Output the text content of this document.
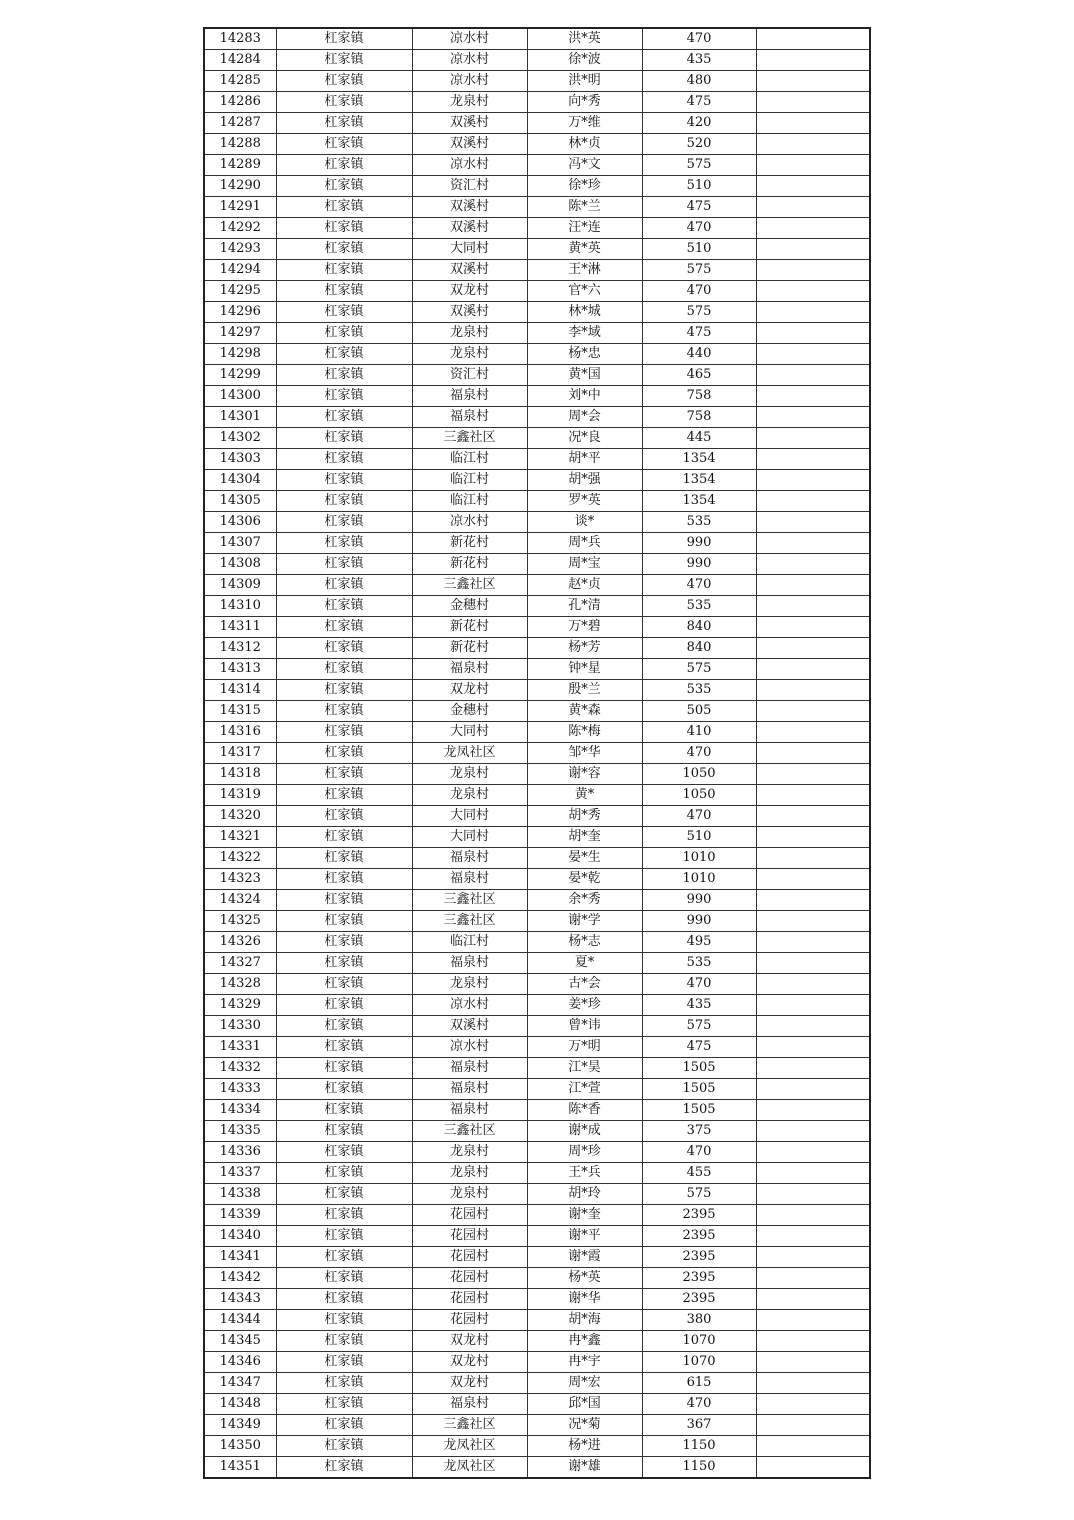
14283	杠家镇	凉水村	洪*英	470	
14284	杠家镇	凉水村	徐*波	435	
14285	杠家镇	凉水村	洪*明	480	
14286	杠家镇	龙泉村	向*秀	475	
14287	杠家镇	双溪村	万*维	420	
14288	杠家镇	双溪村	林*贞	520	
14289	杠家镇	凉水村	冯*文	575	
14290	杠家镇	资汇村	徐*珍	510	
14291	杠家镇	双溪村	陈*兰	475	
14292	杠家镇	双溪村	汪*连	470	
14293	杠家镇	大同村	黄*英	510	
14294	杠家镇	双溪村	王*淋	575	
14295	杠家镇	双龙村	官*六	470	
14296	杠家镇	双溪村	林*城	575	
14297	杠家镇	龙泉村	李*域	475	
14298	杠家镇	龙泉村	杨*忠	440	
14299	杠家镇	资汇村	黄*国	465	
14300	杠家镇	福泉村	刘*中	758	
14301	杠家镇	福泉村	周*会	758	
14302	杠家镇	三鑫社区	况*良	445	
14303	杠家镇	临江村	胡*平	1354	
14304	杠家镇	临江村	胡*强	1354	
14305	杠家镇	临江村	罗*英	1354	
14306	杠家镇	凉水村	谈*	535	
14307	杠家镇	新花村	周*兵	990	
14308	杠家镇	新花村	周*宝	990	
14309	杠家镇	三鑫社区	赵*贞	470	
14310	杠家镇	金穗村	孔*清	535	
14311	杠家镇	新花村	万*碧	840	
14312	杠家镇	新花村	杨*芳	840	
14313	杠家镇	福泉村	钟*星	575	
14314	杠家镇	双龙村	殷*兰	535	
14315	杠家镇	金穗村	黄*森	505	
14316	杠家镇	大同村	陈*梅	410	
14317	杠家镇	龙凤社区	邹*华	470	
14318	杠家镇	龙泉村	谢*容	1050	
14319	杠家镇	龙泉村	黄*	1050	
14320	杠家镇	大同村	胡*秀	470	
14321	杠家镇	大同村	胡*奎	510	
14322	杠家镇	福泉村	晏*生	1010	
14323	杠家镇	福泉村	晏*乾	1010	
14324	杠家镇	三鑫社区	余*秀	990	
14325	杠家镇	三鑫社区	谢*学	990	
14326	杠家镇	临江村	杨*志	495	
14327	杠家镇	福泉村	夏*	535	
14328	杠家镇	龙泉村	古*会	470	
14329	杠家镇	凉水村	姜*珍	435	
14330	杠家镇	双溪村	曾*讳	575	
14331	杠家镇	凉水村	万*明	475	
14332	杠家镇	福泉村	江*昊	1505	
14333	杠家镇	福泉村	江*萱	1505	
14334	杠家镇	福泉村	陈*香	1505	
14335	杠家镇	三鑫社区	谢*成	375	
14336	杠家镇	龙泉村	周*珍	470	
14337	杠家镇	龙泉村	王*兵	455	
14338	杠家镇	龙泉村	胡*玲	575	
14339	杠家镇	花园村	谢*奎	2395	
14340	杠家镇	花园村	谢*平	2395	
14341	杠家镇	花园村	谢*霞	2395	
14342	杠家镇	花园村	杨*英	2395	
14343	杠家镇	花园村	谢*华	2395	
14344	杠家镇	花园村	胡*海	380	
14345	杠家镇	双龙村	冉*鑫	1070	
14346	杠家镇	双龙村	冉*宇	1070	
14347	杠家镇	双龙村	周*宏	615	
14348	杠家镇	福泉村	邱*国	470	
14349	杠家镇	三鑫社区	况*菊	367	
14350	杠家镇	龙凤社区	杨*进	1150	
14351	杠家镇	龙凤社区	谢*雄	1150	
